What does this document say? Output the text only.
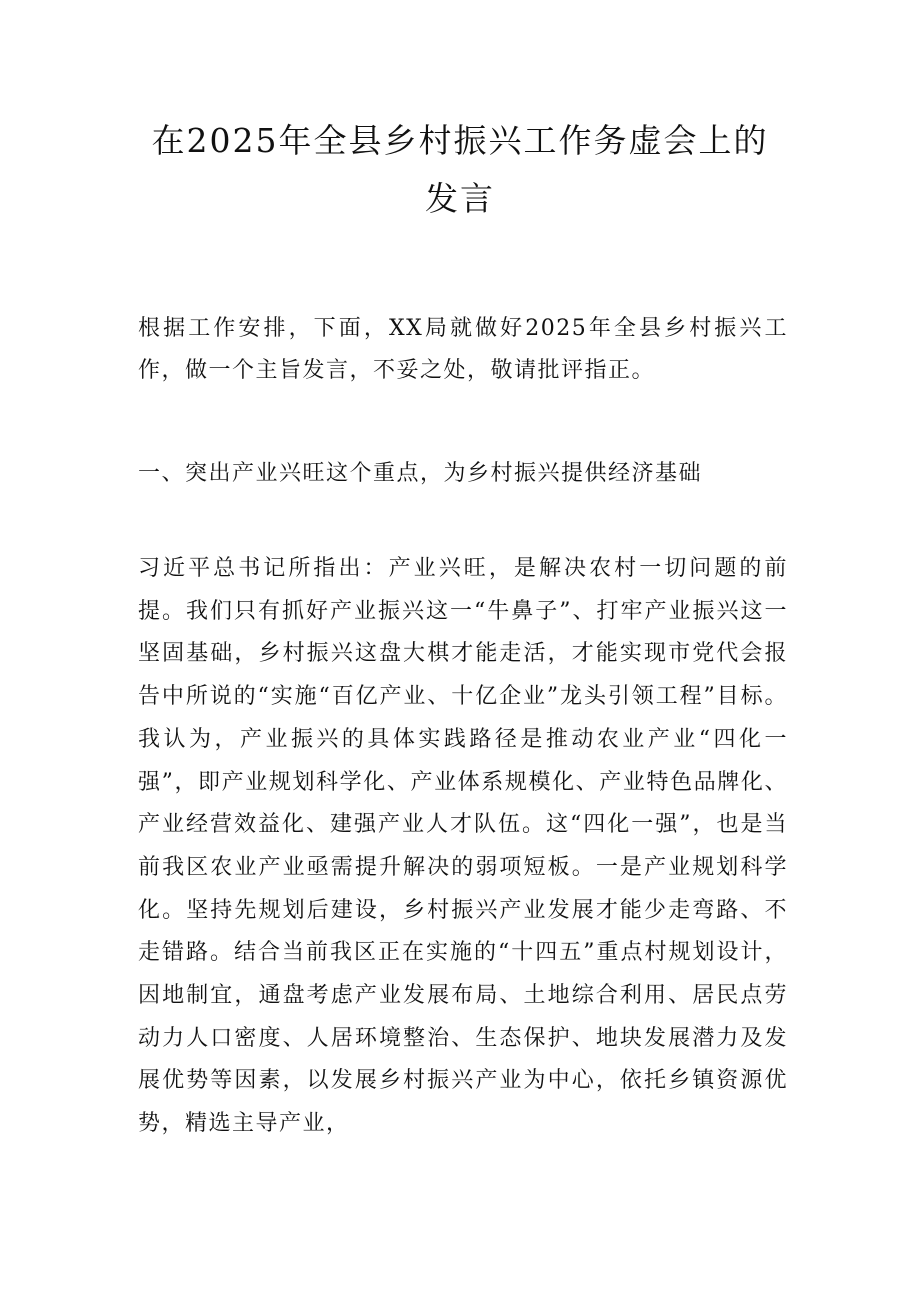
在2025年全县乡村振兴工作务虚会上的发言

根据工作安排，下面，XX局就做好2025年全县乡村振兴工作，做一个主旨发言，不妥之处，敬请批评指正。

一、突出产业兴旺这个重点，为乡村振兴提供经济基础

习近平总书记所指出：产业兴旺，是解决农村一切问题的前提。我们只有抓好产业振兴这一“牛鼻子”、打牢产业振兴这一坚固基础，乡村振兴这盘大棋才能走活，才能实现市党代会报告中所说的“实施“百亿产业、十亿企业”龙头引领工程”目标。我认为，产业振兴的具体实践路径是推动农业产业“四化一强”，即产业规划科学化、产业体系规模化、产业特色品牌化、产业经营效益化、建强产业人才队伍。这“四化一强”，也是当前我区农业产业亟需提升解决的弱项短板。一是产业规划科学化。坚持先规划后建设，乡村振兴产业发展才能少走弯路、不走错路。结合当前我区正在实施的“十四五”重点村规划设计，因地制宜，通盘考虑产业发展布局、土地综合利用、居民点劳动力人口密度、人居环境整治、生态保护、地块发展潜力及发展优势等因素，以发展乡村振兴产业为中心，依托乡镇资源优势，精选主导产业，
